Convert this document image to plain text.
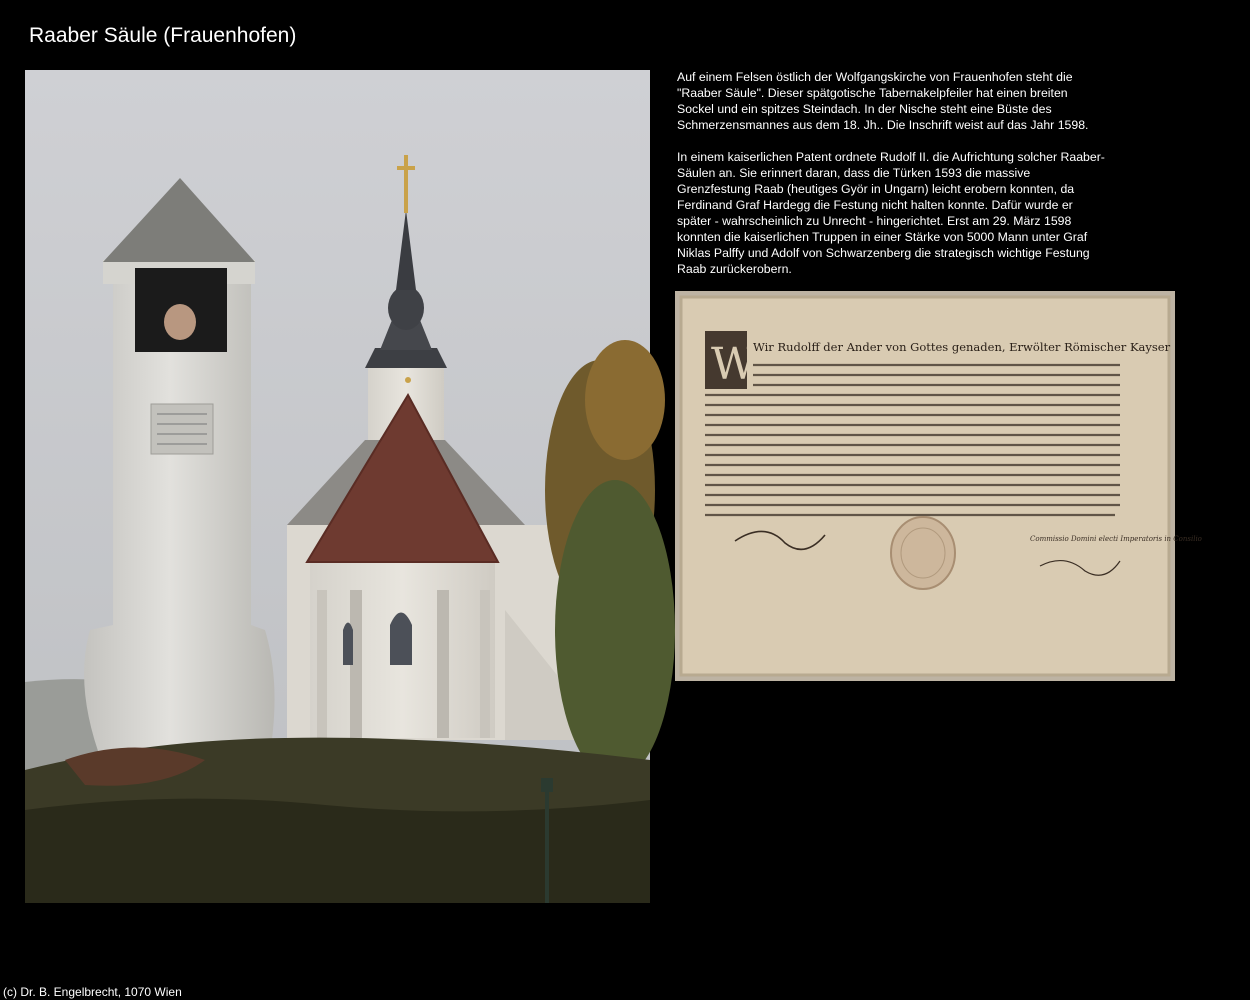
Raaber Säule (Frauenhofen)

Auf einem Felsen östlich der Wolfgangskirche von Frauenhofen steht die "Raaber Säule". Dieser spätgotische Tabernakelpfeiler hat einen breiten Sockel und ein spitzes Steindach. In der Nische steht eine Büste des Schmerzensmannes aus dem 18. Jh.. Die Inschrift weist auf das Jahr 1598.

In einem kaiserlichen Patent ordnete Rudolf II. die Aufrichtung solcher Raaber-Säulen an. Sie erinnert daran, dass die Türken 1593 die massive Grenzfestung Raab (heutiges Györ in Ungarn) leicht erobern konnten, da Ferdinand Graf Hardegg die Festung nicht halten konnte. Dafür wurde er später - wahrscheinlich zu Unrecht - hingerichtet. Erst am 29. März 1598 konnten die kaiserlichen Truppen in einer Stärke von 5000 Mann unter Graf Niklas Palffy und Adolf von Schwarzenberg die strategisch wichtige Festung Raab zurückerobern.

W
Wir Rudolff der Ander von Gottes genaden, Erwölter Römischer Kayser
Commissio Domini electi Imperatoris in Consilio
(c) Dr. B. Engelbrecht, 1070 Wien
